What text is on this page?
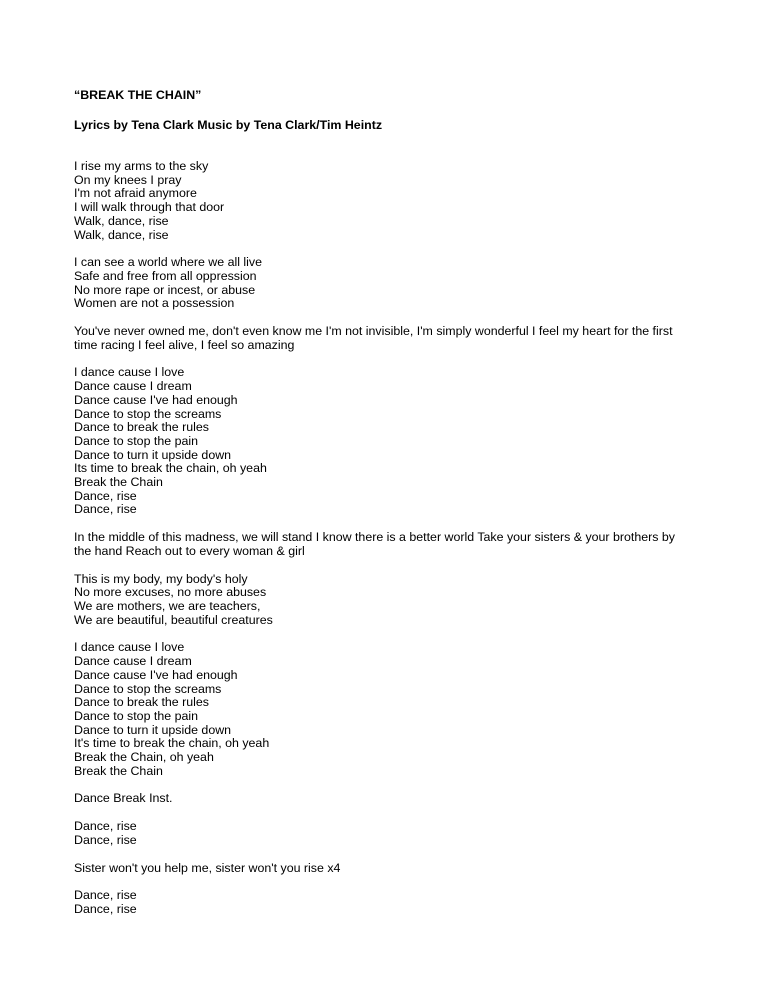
“BREAK THE CHAIN”
Lyrics by Tena Clark Music by Tena Clark/Tim Heintz
I rise my arms to the sky
On my knees I pray
I'm not afraid anymore
I will walk through that door
Walk, dance, rise
Walk, dance, rise
I can see a world where we all live
Safe and free from all oppression
No more rape or incest, or abuse
Women are not a possession
You've never owned me, don't even know me I'm not invisible, I'm simply wonderful I feel my heart for the first time racing I feel alive, I feel so amazing
I dance cause I love
Dance cause I dream
Dance cause I've had enough
Dance to stop the screams
Dance to break the rules
Dance to stop the pain
Dance to turn it upside down
Its time to break the chain, oh yeah
Break the Chain
Dance, rise
Dance, rise
In the middle of this madness, we will stand I know there is a better world Take your sisters & your brothers by the hand Reach out to every woman & girl
This is my body, my body's holy
No more excuses, no more abuses
We are mothers, we are teachers,
We are beautiful, beautiful creatures
I dance cause I love
Dance cause I dream
Dance cause I've had enough
Dance to stop the screams
Dance to break the rules
Dance to stop the pain
Dance to turn it upside down
It's time to break the chain, oh yeah
Break the Chain, oh yeah
Break the Chain
Dance Break Inst.
Dance, rise
Dance, rise
Sister won't you help me, sister won't you rise x4
Dance, rise
Dance, rise
